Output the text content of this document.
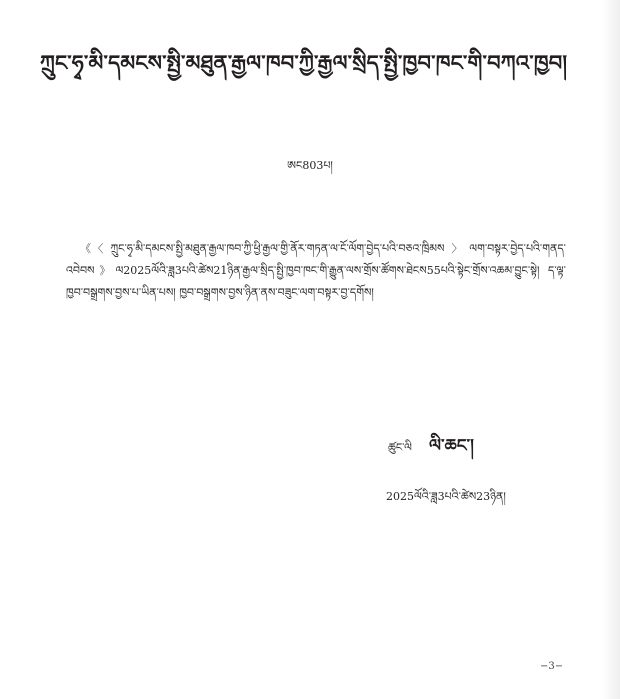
ཀྲུང་ཧྭ་མི་དམངས་སྤྱི་མཐུན་རྒྱལ་ཁབ་ཀྱི་རྒྱལ་སྲིད་སྤྱི་ཁྱབ་ཁང་གི་བཀའ་ཁྱབ།
ཨང803པ།
《〈ཀྲུང་ཧྭ་མི་དམངས་སྤྱི་མཐུན་རྒྱལ་ཁབ་ཀྱི་ཕྱི་རྒྱལ་གྱི་ནོར་གཏན་ལ་ངོ་ལོག་བྱེད་པའི་བཅའ་ཁྲིམས〉ལག་བསྟར་བྱེད་པའི་གནད་འབེབས》ལ2025ལོའི་ཟླ3པའི་ཚེས21ཉིན་རྒྱལ་སྲིད་སྤྱི་ཁྱབ་ཁང་གི་རྒྱུན་ལས་གྲོས་ཚོགས་ཐེངས55པའི་སྟེང་གྲོས་འཆམ་བྱུང་སྟེ། ད་ལྟ་ཁྱབ་བསྒྲགས་བྱས་པ་ཡིན་པས། ཁྱབ་བསྒྲགས་བྱས་ཉིན་ནས་བཟུང་ལག་བསྟར་བྱ་དགོས།
ཚུང་ལི ལི་ཆང་།
2025ལོའི་ཟླ3པའི་ཚེས23ཉིན།
−3−
